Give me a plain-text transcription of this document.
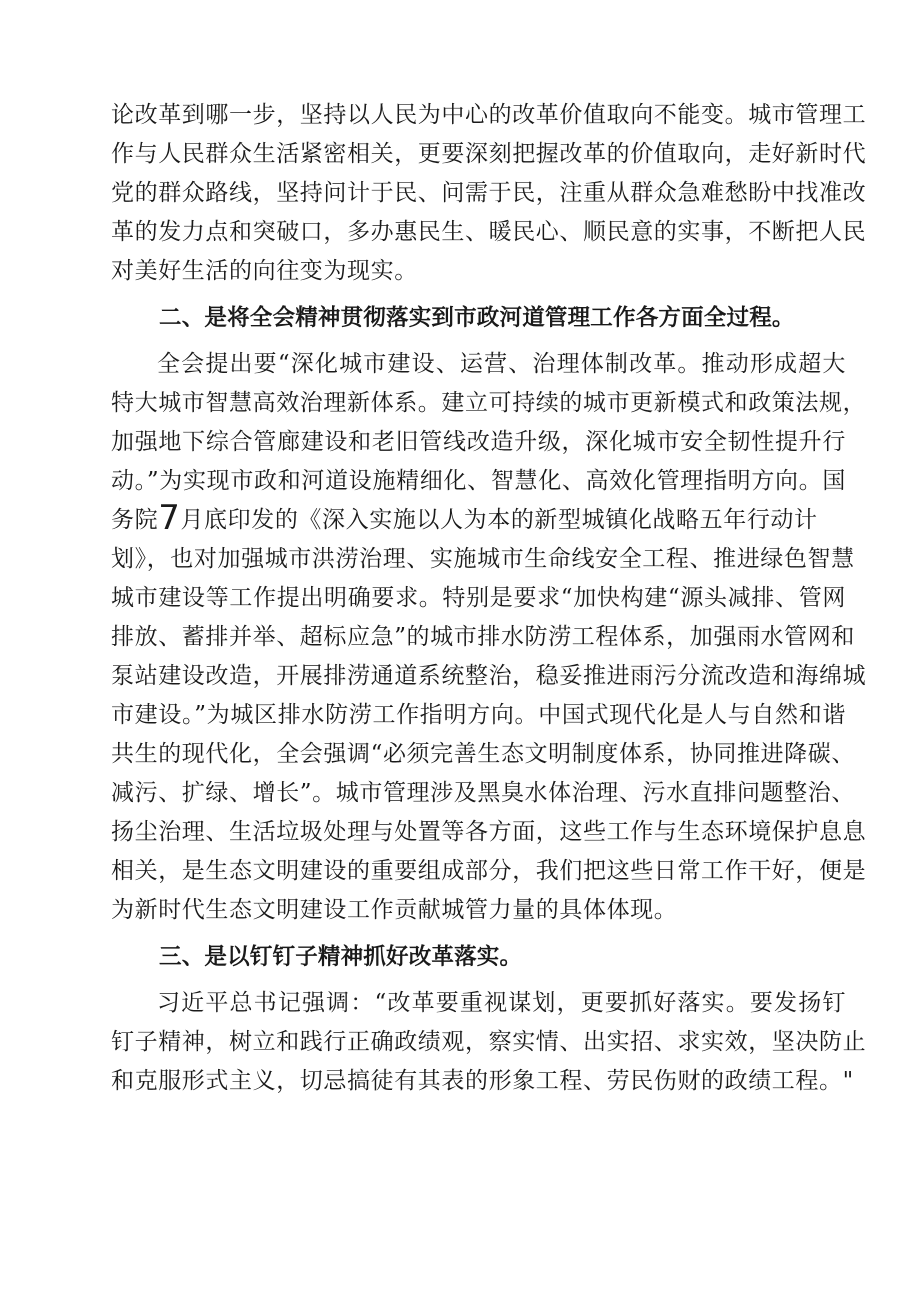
论改革到哪一步，坚持以人民为中心的改革价值取向不能变。城市管理工
作与人民群众生活紧密相关，更要深刻把握改革的价值取向，走好新时代
党的群众路线，坚持问计于民、问需于民，注重从群众急难愁盼中找准改
革的发力点和突破口，多办惠民生、暖民心、顺民意的实事，不断把人民
对美好生活的向往变为现实。
二、是将全会精神贯彻落实到市政河道管理工作各方面全过程。
全会提出要“深化城市建设、运营、治理体制改革。推动形成超大
特大城市智慧高效治理新体系。建立可持续的城市更新模式和政策法规，
加强地下综合管廊建设和老旧管线改造升级，深化城市安全韧性提升行
动。”为实现市政和河道设施精细化、智慧化、高效化管理指明方向。国
务院7月底印发的《深入实施以人为本的新型城镇化战略五年行动计
划》，也对加强城市洪涝治理、实施城市生命线安全工程、推进绿色智慧
城市建设等工作提出明确要求。特别是要求“加快构建“源头减排、管网
排放、蓄排并举、超标应急”的城市排水防涝工程体系，加强雨水管网和
泵站建设改造，开展排涝通道系统整治，稳妥推进雨污分流改造和海绵城
市建设。”为城区排水防涝工作指明方向。中国式现代化是人与自然和谐
共生的现代化，全会强调“必须完善生态文明制度体系，协同推进降碳、
减污、扩绿、增长”。城市管理涉及黑臭水体治理、污水直排问题整治、
扬尘治理、生活垃圾处理与处置等各方面，这些工作与生态环境保护息息
相关，是生态文明建设的重要组成部分，我们把这些日常工作干好，便是
为新时代生态文明建设工作贡献城管力量的具体体现。
三、是以钉钉子精神抓好改革落实。
习近平总书记强调：“改革要重视谋划，更要抓好落实。要发扬钉
钉子精神，树立和践行正确政绩观，察实情、出实招、求实效，坚决防止
和克服形式主义，切忌搞徒有其表的形象工程、劳民伤财的政绩工程。"
